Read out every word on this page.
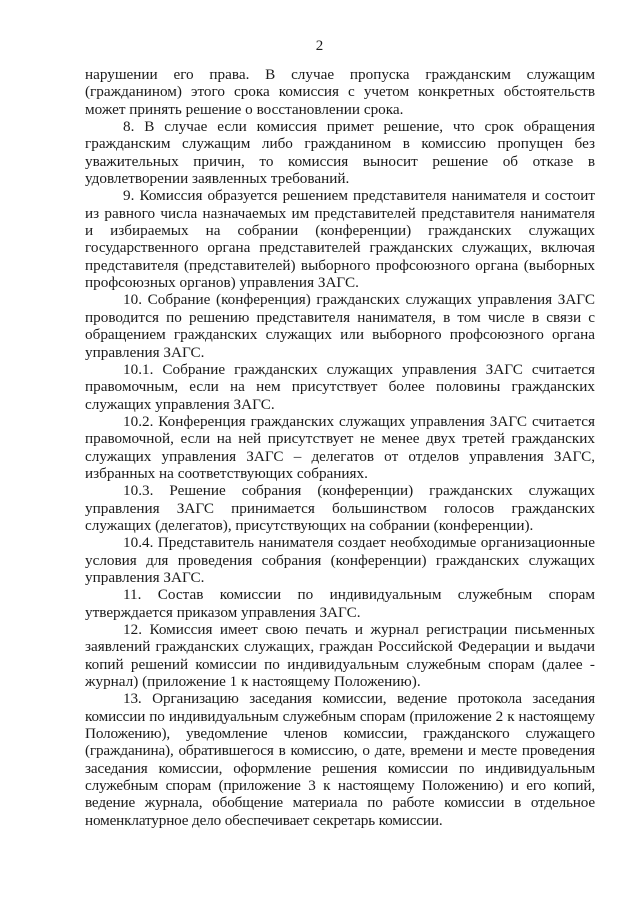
2

нарушении его права. В случае пропуска гражданским служащим (гражданином) этого срока комиссия с учетом конкретных обстоятельств может принять решение о восстановлении срока.

8. В случае если комиссия примет решение, что срок обращения гражданским служащим либо гражданином в комиссию пропущен без уважительных причин, то комиссия выносит решение об отказе в удовлетворении заявленных требований.

9. Комиссия образуется решением представителя нанимателя и состоит из равного числа назначаемых им представителей представителя нанимателя и избираемых на собрании (конференции) гражданских служащих государственного органа представителей гражданских служащих, включая представителя (представителей) выборного профсоюзного органа (выборных профсоюзных органов) управления ЗАГС.

10. Собрание (конференция) гражданских служащих управления ЗАГС проводится по решению представителя нанимателя, в том числе в связи с обращением гражданских служащих или выборного профсоюзного органа управления ЗАГС.

10.1. Собрание гражданских служащих управления ЗАГС считается правомочным, если на нем присутствует более половины гражданских служащих управления ЗАГС.

10.2. Конференция гражданских служащих управления ЗАГС считается правомочной, если на ней присутствует не менее двух третей гражданских служащих управления ЗАГС – делегатов от отделов управления ЗАГС, избранных на соответствующих собраниях.

10.3. Решение собрания (конференции) гражданских служащих управления ЗАГС принимается большинством голосов гражданских служащих (делегатов), присутствующих на собрании (конференции).

10.4. Представитель нанимателя создает необходимые организационные условия для проведения собрания (конференции) гражданских служащих управления ЗАГС.

11. Состав комиссии по индивидуальным служебным спорам утверждается приказом управления ЗАГС.

12. Комиссия имеет свою печать и журнал регистрации письменных заявлений гражданских служащих, граждан Российской Федерации и выдачи копий решений комиссии по индивидуальным служебным спорам (далее - журнал) (приложение 1 к настоящему Положению).

13. Организацию заседания комиссии, ведение протокола заседания комиссии по индивидуальным служебным спорам (приложение 2 к настоящему Положению), уведомление членов комиссии, гражданского служащего (гражданина), обратившегося в комиссию, о дате, времени и месте проведения заседания комиссии, оформление решения комиссии по индивидуальным служебным спорам (приложение 3 к настоящему Положению) и его копий, ведение журнала, обобщение материала по работе комиссии в отдельное номенклатурное дело обеспечивает секретарь комиссии.
